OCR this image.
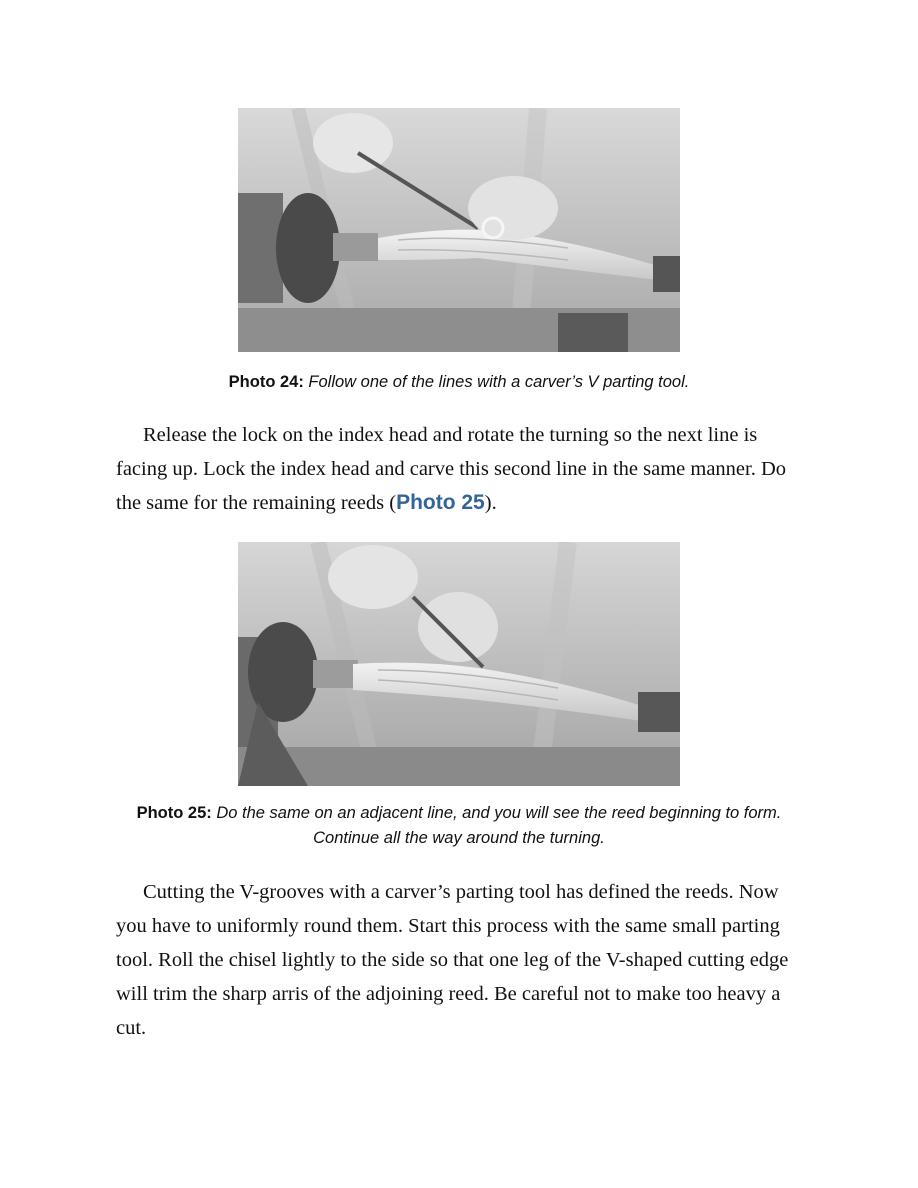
Photo 24: Follow one of the lines with a carver’s V parting tool.

Release the lock on the index head and rotate the turning so the next line is facing up. Lock the index head and carve this second line in the same manner. Do the same for the remaining reeds (Photo 25).

Photo 25: Do the same on an adjacent line, and you will see the reed beginning to form. Continue all the way around the turning.

Cutting the V-grooves with a carver’s parting tool has defined the reeds. Now you have to uniformly round them. Start this process with the same small parting tool. Roll the chisel lightly to the side so that one leg of the V-shaped cutting edge will trim the sharp arris of the adjoining reed. Be careful not to make too heavy a cut.
